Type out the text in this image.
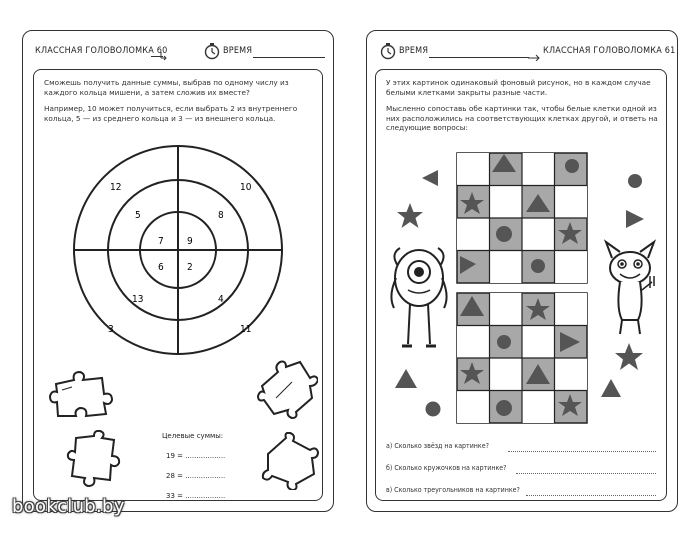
КЛАССНАЯ ГОЛОВОЛОМКА 60	ВРЕМЯ
Сможешь получить данные суммы, выбрав по одному числу из каждого кольца мишени, а затем сложив их вместе?
Например, 10 может получиться, если выбрать 2 из внутреннего кольца, 5 — из среднего кольца и 3 — из внешнего кольца.
12	10
3	11
5	8
13	4
7 9
6 2
Целевые суммы:
19 = ..................
28 = ..................
33 = ..................
ВРЕМЯ	КЛАССНАЯ ГОЛОВОЛОМКА 61
У этих картинок одинаковый фоновый рисунок, но в каждом случае белыми клетками закрыты разные части.
Мысленно сопоставь обе картинки так, чтобы белые клетки одной из них расположились на соответствующих клетках другой, и ответь на следующие вопросы:
а) Сколько звёзд на картинке?
б) Сколько кружочков на картинке?
в) Сколько треугольников на картинке?
bookclub.by
